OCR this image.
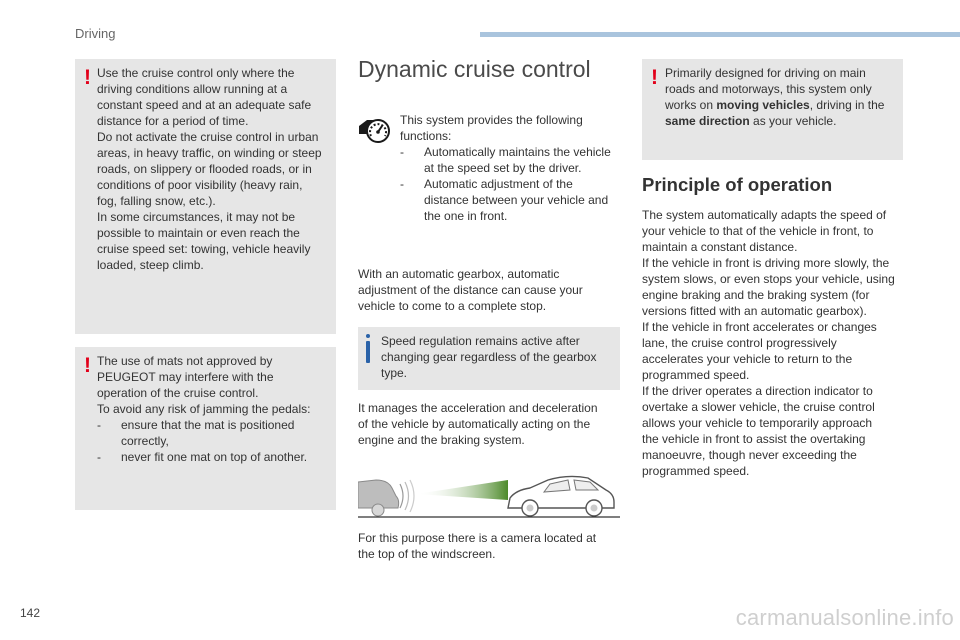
Driving
! Use the cruise control only where the

driving conditions allow running at a

constant speed and at an adequate safe

distance for a period of time.

Do not activate the cruise control in urban

areas, in heavy traffic, on winding or steep

roads, on slippery or flooded roads, or in

conditions of poor visibility (heavy rain,

fog, falling snow, etc.).

In some circumstances, it may not be

possible to maintain or even reach the

cruise speed set: towing, vehicle heavily

loaded, steep climb.

! The use of mats not approved by

PEUGEOT may interfere with the

operation of the cruise control.

To avoid any risk of jamming the pedals:

-	ensure that the mat is positioned

correctly,

-	never fit one mat on top of another.

Dynamic cruise control

This system provides the following

functions:

-	Automatically maintains the vehicle

at the speed set by the driver.

-	Automatic adjustment of the

distance between your vehicle and

the one in front.

With an automatic gearbox, automatic

adjustment of the distance can cause your

vehicle to come to a complete stop.

Speed regulation remains active after

changing gear regardless of the gearbox

type.

It manages the acceleration and deceleration

of the vehicle by automatically acting on the

engine and the braking system.

For this purpose there is a camera located at

the top of the windscreen.

! Primarily designed for driving on main

roads and motorways, this system only

works on moving vehicles, driving in the

same direction as your vehicle.

Principle of operation

The system automatically adapts the speed of

your vehicle to that of the vehicle in front, to

maintain a constant distance.

If the vehicle in front is driving more slowly, the

system slows, or even stops your vehicle, using

engine braking and the braking system (for

versions fitted with an automatic gearbox).

If the vehicle in front accelerates or changes

lane, the cruise control progressively

accelerates your vehicle to return to the

programmed speed.

If the driver operates a direction indicator to

overtake a slower vehicle, the cruise control

allows your vehicle to temporarily approach

the vehicle in front to assist the overtaking

manoeuvre, though never exceeding the

programmed speed.

142	carmanualsonline.info
